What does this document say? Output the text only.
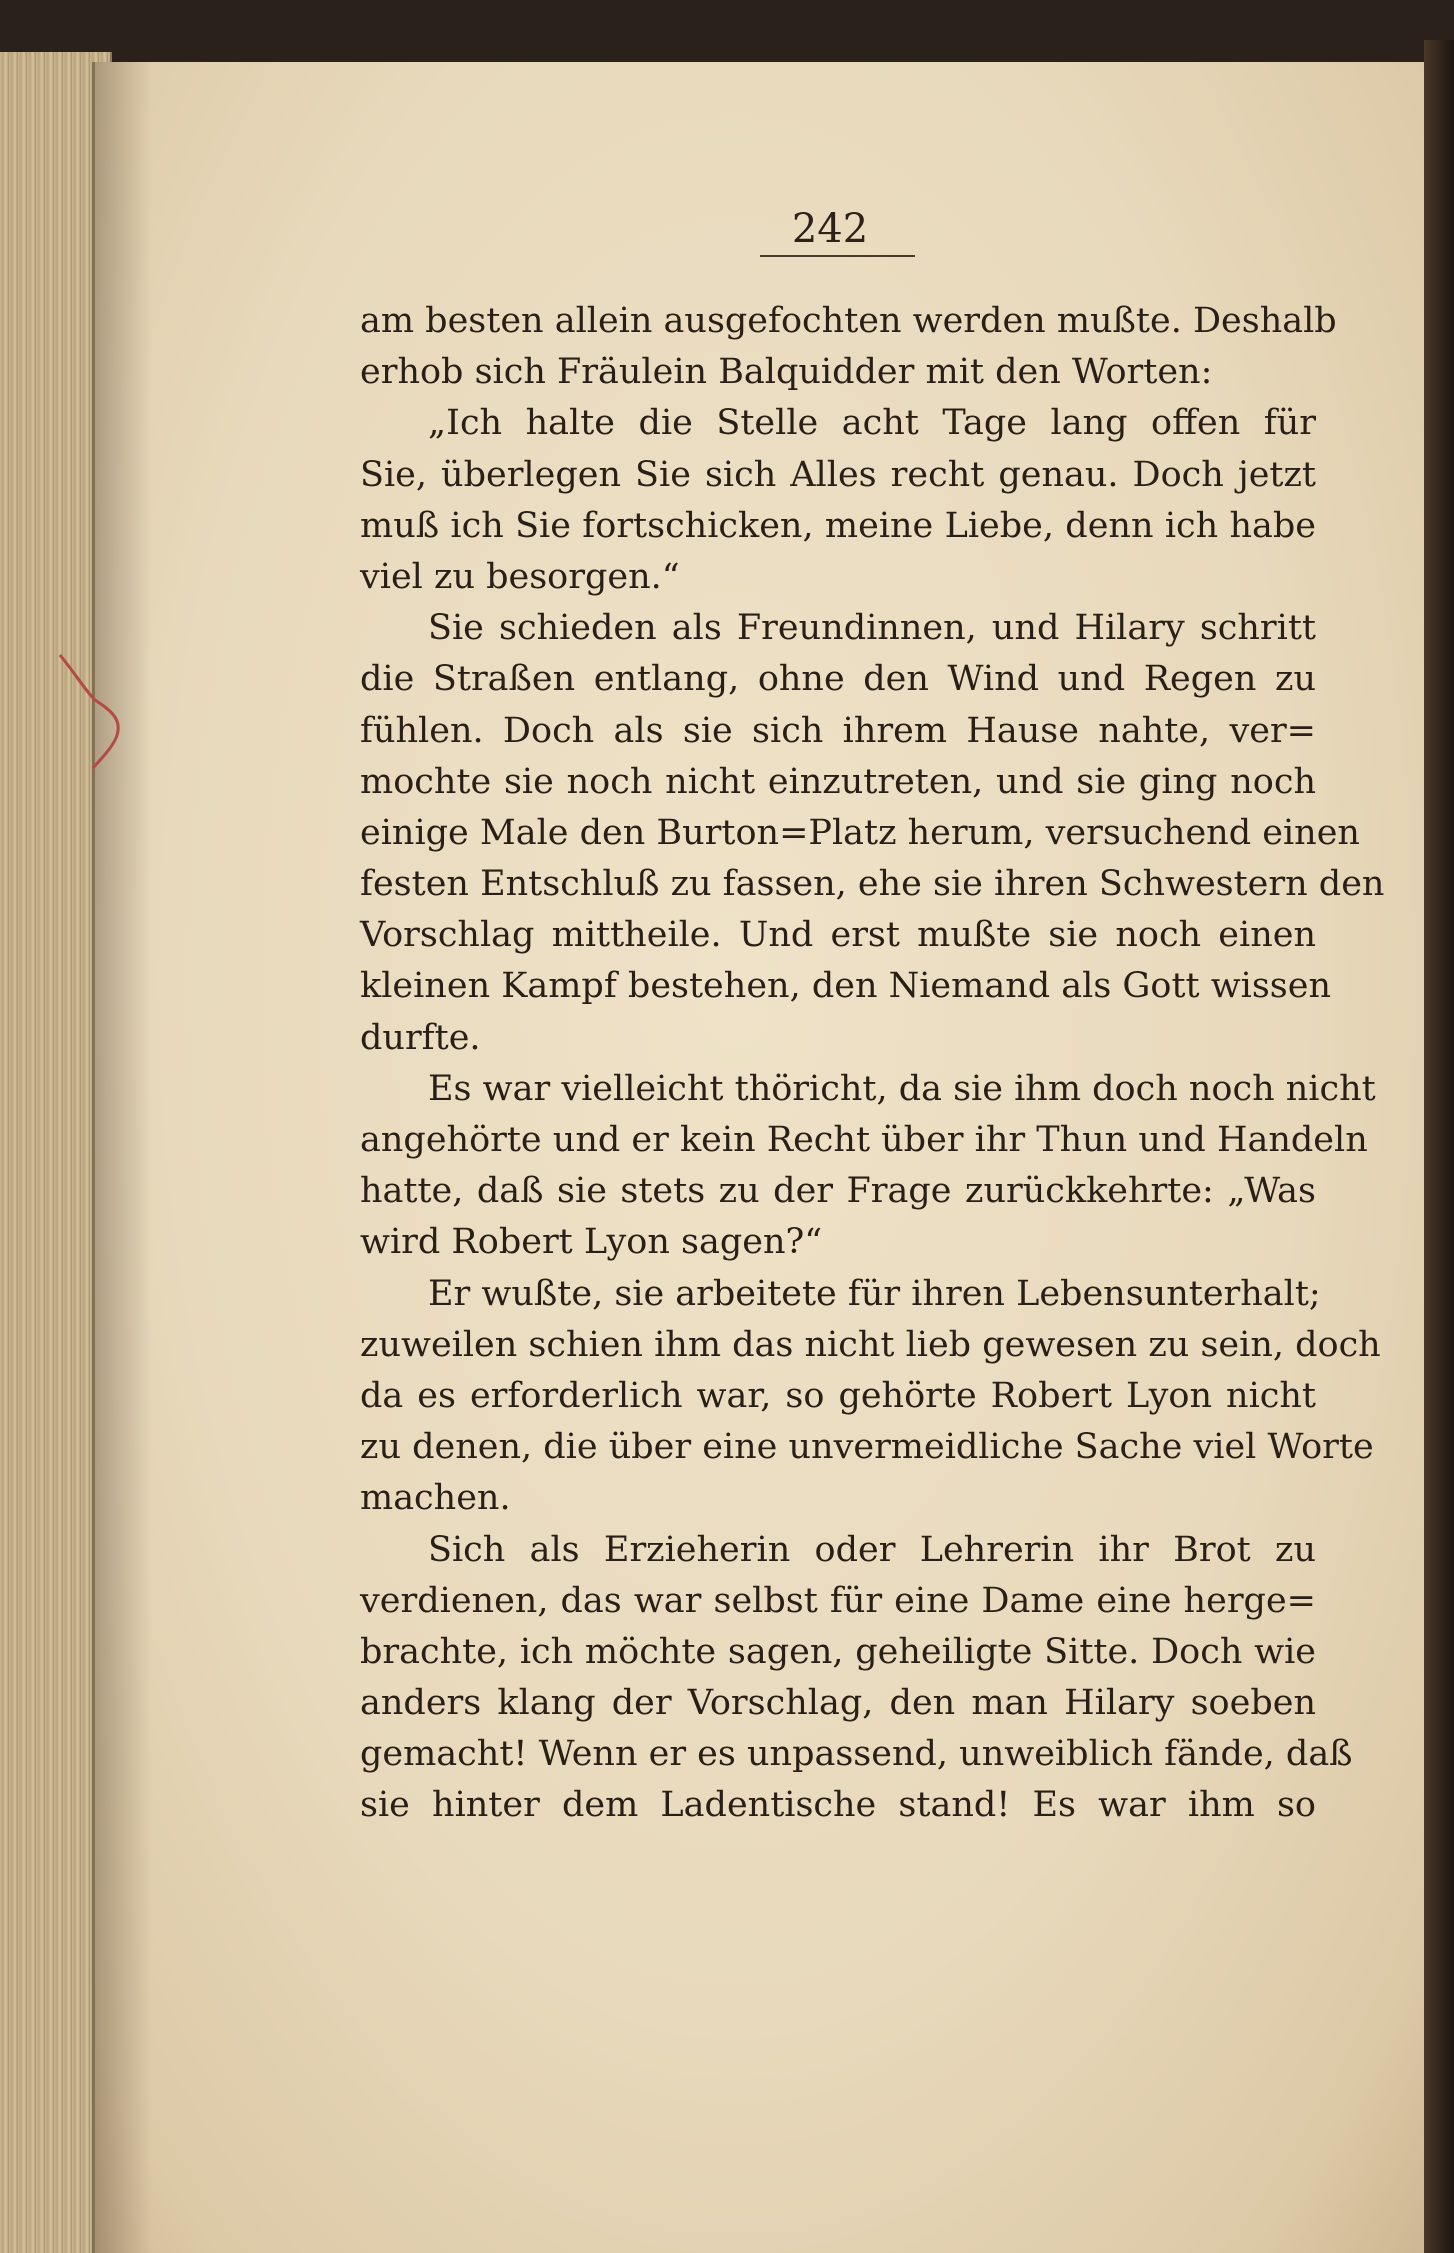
242
am besten allein ausgefochten werden mußte. Deshalb
erhob sich Fräulein Balquidder mit den Worten:
„Ich halte die Stelle acht Tage lang offen für
Sie, überlegen Sie sich Alles recht genau. Doch jetzt
muß ich Sie fortschicken, meine Liebe, denn ich habe
viel zu besorgen.“
Sie schieden als Freundinnen, und Hilary schritt
die Straßen entlang, ohne den Wind und Regen zu
fühlen. Doch als sie sich ihrem Hause nahte, ver=
mochte sie noch nicht einzutreten, und sie ging noch
einige Male den Burton=Platz herum, versuchend einen
festen Entschluß zu fassen, ehe sie ihren Schwestern den
Vorschlag mittheile. Und erst mußte sie noch einen
kleinen Kampf bestehen, den Niemand als Gott wissen
durfte.
Es war vielleicht thöricht, da sie ihm doch noch nicht
angehörte und er kein Recht über ihr Thun und Handeln
hatte, daß sie stets zu der Frage zurückkehrte: „Was
wird Robert Lyon sagen?“
Er wußte, sie arbeitete für ihren Lebensunterhalt;
zuweilen schien ihm das nicht lieb gewesen zu sein, doch
da es erforderlich war, so gehörte Robert Lyon nicht
zu denen, die über eine unvermeidliche Sache viel Worte
machen.
Sich als Erzieherin oder Lehrerin ihr Brot zu
verdienen, das war selbst für eine Dame eine herge=
brachte, ich möchte sagen, geheiligte Sitte. Doch wie
anders klang der Vorschlag, den man Hilary soeben
gemacht! Wenn er es unpassend, unweiblich fände, daß
sie hinter dem Ladentische stand! Es war ihm so
